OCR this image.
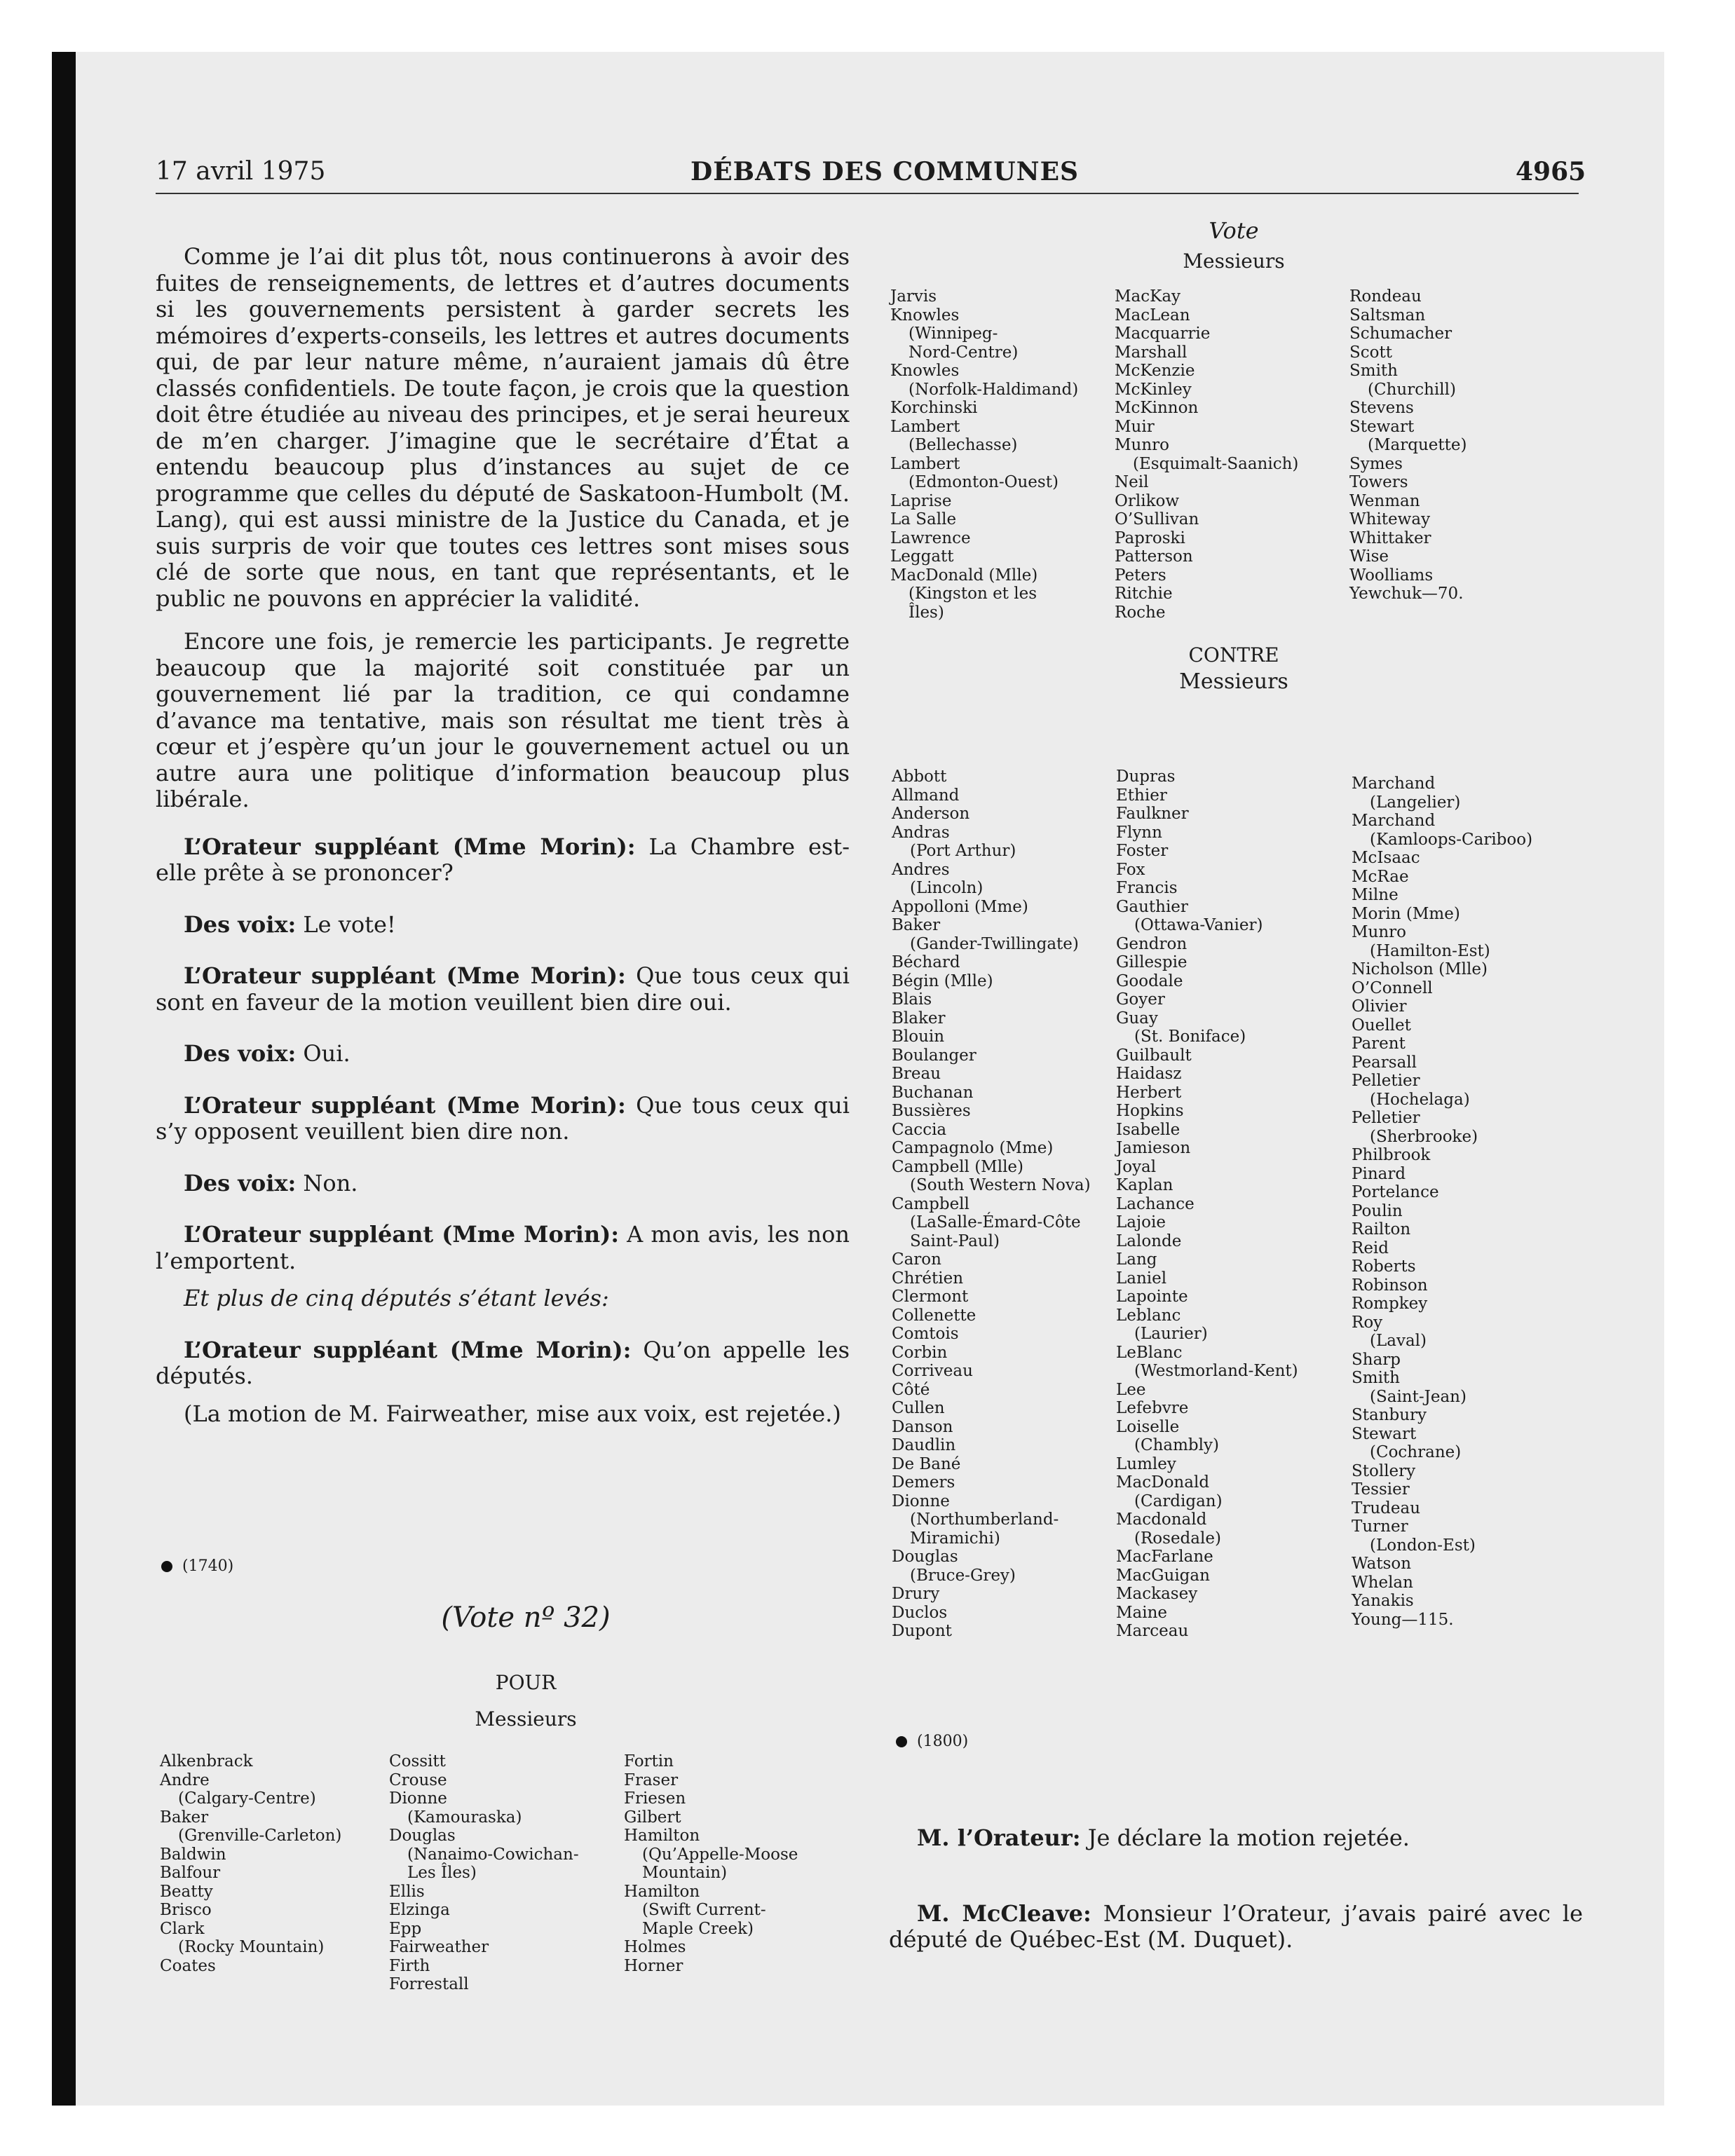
17 avril 1975	DÉBATS DES COMMUNES	4965

Comme je l’ai dit plus tôt, nous continuerons à avoir des fuites de renseignements, de lettres et d’autres documents si les gouvernements persistent à garder secrets les mémoires d’experts-conseils, les lettres et autres documents qui, de par leur nature même, n’auraient jamais dû être classés confidentiels. De toute façon, je crois que la question doit être étudiée au niveau des principes, et je serai heureux de m’en charger. J’imagine que le secrétaire d’État a entendu beaucoup plus d’instances au sujet de ce programme que celles du député de Saskatoon-Humbolt (M. Lang), qui est aussi ministre de la Justice du Canada, et je suis surpris de voir que toutes ces lettres sont mises sous clé de sorte que nous, en tant que représentants, et le public ne pouvons en apprécier la validité.

Encore une fois, je remercie les participants. Je regrette beaucoup que la majorité soit constituée par un gouvernement lié par la tradition, ce qui condamne d’avance ma tentative, mais son résultat me tient très à cœur et j’espère qu’un jour le gouvernement actuel ou un autre aura une politique d’information beaucoup plus libérale.

L’Orateur suppléant (Mme Morin): La Chambre est-elle prête à se prononcer?

Des voix: Le vote!

L’Orateur suppléant (Mme Morin): Que tous ceux qui sont en faveur de la motion veuillent bien dire oui.

Des voix: Oui.

L’Orateur suppléant (Mme Morin): Que tous ceux qui s’y opposent veuillent bien dire non.

Des voix: Non.

L’Orateur suppléant (Mme Morin): A mon avis, les non l’emportent.

Et plus de cinq députés s’étant levés:

L’Orateur suppléant (Mme Morin): Qu’on appelle les députés.

(La motion de M. Fairweather, mise aux voix, est rejetée.)

(1740)
(Vote nº 32)
POUR
Messieurs
Alkenbrack
Andre
(Calgary-Centre)
Baker
(Grenville-Carleton)
Baldwin
Balfour
Beatty
Brisco
Clark
(Rocky Mountain)
Coates
Cossitt
Crouse
Dionne
(Kamouraska)
Douglas
(Nanaimo-Cowichan-
Les Îles)
Ellis
Elzinga
Epp
Fairweather
Firth
Forrestall
Fortin
Fraser
Friesen
Gilbert
Hamilton
(Qu’Appelle-Moose
Mountain)
Hamilton
(Swift Current-
Maple Creek)
Holmes
Horner
Vote
Messieurs
Jarvis
Knowles
(Winnipeg-
Nord-Centre)
Knowles
(Norfolk-Haldimand)
Korchinski
Lambert
(Bellechasse)
Lambert
(Edmonton-Ouest)
Laprise
La Salle
Lawrence
Leggatt
MacDonald (Mlle)
(Kingston et les
Îles)
MacKay
MacLean
Macquarrie
Marshall
McKenzie
McKinley
McKinnon
Muir
Munro
(Esquimalt-Saanich)
Neil
Orlikow
O’Sullivan
Paproski
Patterson
Peters
Ritchie
Roche
Rondeau
Saltsman
Schumacher
Scott
Smith
(Churchill)
Stevens
Stewart
(Marquette)
Symes
Towers
Wenman
Whiteway
Whittaker
Wise
Woolliams
Yewchuk—70.
CONTRE
Messieurs
Abbott
Allmand
Anderson
Andras
(Port Arthur)
Andres
(Lincoln)
Appolloni (Mme)
Baker
(Gander-Twillingate)
Béchard
Bégin (Mlle)
Blais
Blaker
Blouin
Boulanger
Breau
Buchanan
Bussières
Caccia
Campagnolo (Mme)
Campbell (Mlle)
(South Western Nova)
Campbell
(LaSalle-Émard-Côte
Saint-Paul)
Caron
Chrétien
Clermont
Collenette
Comtois
Corbin
Corriveau
Côté
Cullen
Danson
Daudlin
De Bané
Demers
Dionne
(Northumberland-
Miramichi)
Douglas
(Bruce-Grey)
Drury
Duclos
Dupont
Dupras
Ethier
Faulkner
Flynn
Foster
Fox
Francis
Gauthier
(Ottawa-Vanier)
Gendron
Gillespie
Goodale
Goyer
Guay
(St. Boniface)
Guilbault
Haidasz
Herbert
Hopkins
Isabelle
Jamieson
Joyal
Kaplan
Lachance
Lajoie
Lalonde
Lang
Laniel
Lapointe
Leblanc
(Laurier)
LeBlanc
(Westmorland-Kent)
Lee
Lefebvre
Loiselle
(Chambly)
Lumley
MacDonald
(Cardigan)
Macdonald
(Rosedale)
MacFarlane
MacGuigan
Mackasey
Maine
Marceau
Marchand
(Langelier)
Marchand
(Kamloops-Cariboo)
McIsaac
McRae
Milne
Morin (Mme)
Munro
(Hamilton-Est)
Nicholson (Mlle)
O’Connell
Olivier
Ouellet
Parent
Pearsall
Pelletier
(Hochelaga)
Pelletier
(Sherbrooke)
Philbrook
Pinard
Portelance
Poulin
Railton
Reid
Roberts
Robinson
Rompkey
Roy
(Laval)
Sharp
Smith
(Saint-Jean)
Stanbury
Stewart
(Cochrane)
Stollery
Tessier
Trudeau
Turner
(London-Est)
Watson
Whelan
Yanakis
Young—115.
(1800)

M. l’Orateur: Je déclare la motion rejetée.

M. McCleave: Monsieur l’Orateur, j’avais pairé avec le député de Québec-Est (M. Duquet).
